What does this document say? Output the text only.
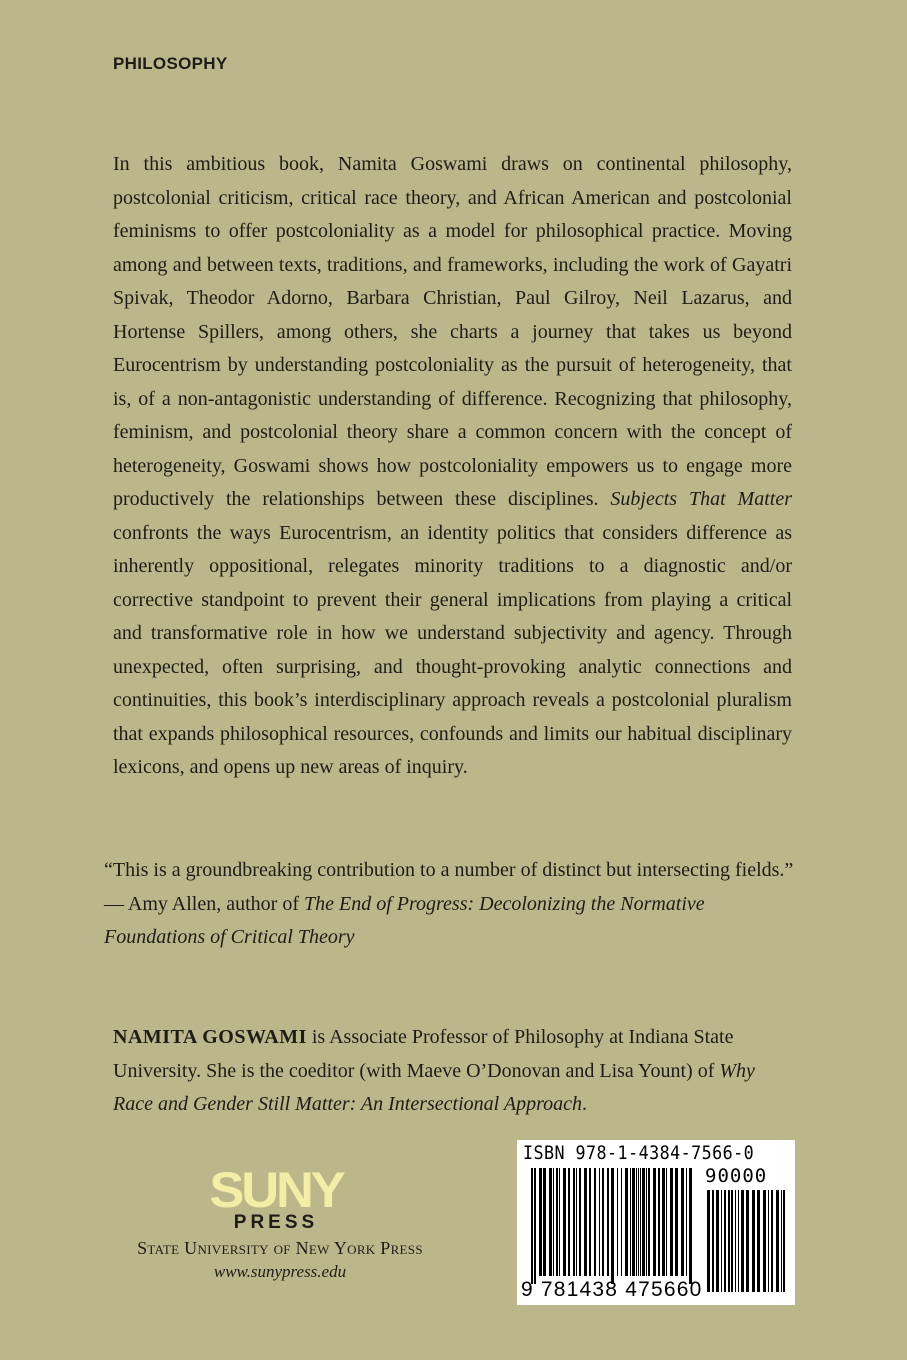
PHILOSOPHY

In this ambitious book, Namita Goswami draws on continental philosophy, postcolonial criticism, critical race theory, and African American and postcolonial feminisms to offer postcoloniality as a model for philosophical practice. Moving among and between texts, traditions, and frameworks, including the work of Gayatri Spivak, Theodor Adorno, Barbara Christian, Paul Gilroy, Neil Lazarus, and Hortense Spillers, among others, she charts a journey that takes us beyond Eurocentrism by understanding postcoloniality as the pursuit of heterogeneity, that is, of a non-antagonistic understanding of difference. Recognizing that philosophy, feminism, and postcolonial theory share a common concern with the concept of heterogeneity, Goswami shows how postcoloniality empowers us to engage more productively the relationships between these disciplines. Subjects That Matter confronts the ways Eurocentrism, an identity politics that considers difference as inherently oppositional, relegates minority traditions to a diagnostic and/or corrective standpoint to prevent their general implications from playing a critical and transformative role in how we understand subjectivity and agency. Through unexpected, often surprising, and thought-provoking analytic connections and continuities, this book’s interdisciplinary approach reveals a postcolonial pluralism that expands philosophical resources, confounds and limits our habitual disciplinary lexicons, and opens up new areas of inquiry.

“This is a groundbreaking contribution to a number of distinct but intersecting fields.” — Amy Allen, author of The End of Progress: Decolonizing the Normative Foundations of Critical Theory

NAMITA GOSWAMI is Associate Professor of Philosophy at Indiana State University. She is the coeditor (with Maeve O’Donovan and Lisa Yount) of Why Race and Gender Still Matter: An Intersectional Approach.

SUNY
PRESS

State University of New York Press

www.sunypress.edu

ISBN 978-1-4384-7566-0
90000
9 781438 475660
